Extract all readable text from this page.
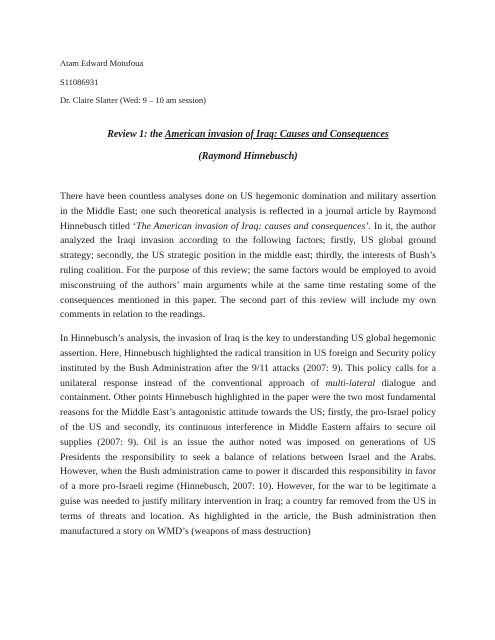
Atam Edward Motufoua
S11086931
Dr. Claire Slatter (Wed: 9 – 10 am session)
Review 1: the American invasion of Iraq: Causes and Consequences
(Raymond Hinnebusch)

There have been countless analyses done on US hegemonic domination and military assertion in the Middle East; one such theoretical analysis is reflected in a journal article by Raymond Hinnebusch titled ‘The American invasion of Iraq: causes and consequences’. In it, the author analyzed the Iraqi invasion according to the following factors; firstly, US global ground strategy; secondly, the US strategic position in the middle east; thirdly, the interests of Bush’s ruling coalition. For the purpose of this review; the same factors would be employed to avoid misconstruing of the authors’ main arguments while at the same time restating some of the consequences mentioned in this paper. The second part of this review will include my own comments in relation to the readings.

In Hinnebusch’s analysis, the invasion of Iraq is the key to understanding US global hegemonic assertion. Here, Hinnebusch highlighted the radical transition in US foreign and Security policy instituted by the Bush Administration after the 9/11 attacks (2007: 9). This policy calls for a unilateral response instead of the conventional approach of multi-lateral dialogue and containment. Other points Hinnebusch highlighted in the paper were the two most fundamental reasons for the Middle East’s antagonistic attitude towards the US; firstly, the pro-Israel policy of the US and secondly, its continuous interference in Middle Eastern affairs to secure oil supplies (2007: 9). Oil is an issue the author noted was imposed on generations of US Presidents the responsibility to seek a balance of relations between Israel and the Arabs. However, when the Bush administration came to power it discarded this responsibility in favor of a more pro-Israeli regime (Hinnebusch, 2007: 10). However, for the war to be legitimate a guise was needed to justify military intervention in Iraq; a country far removed from the US in terms of threats and location. As highlighted in the article, the Bush administration then manufactured a story on WMD’s (weapons of mass destruction)
